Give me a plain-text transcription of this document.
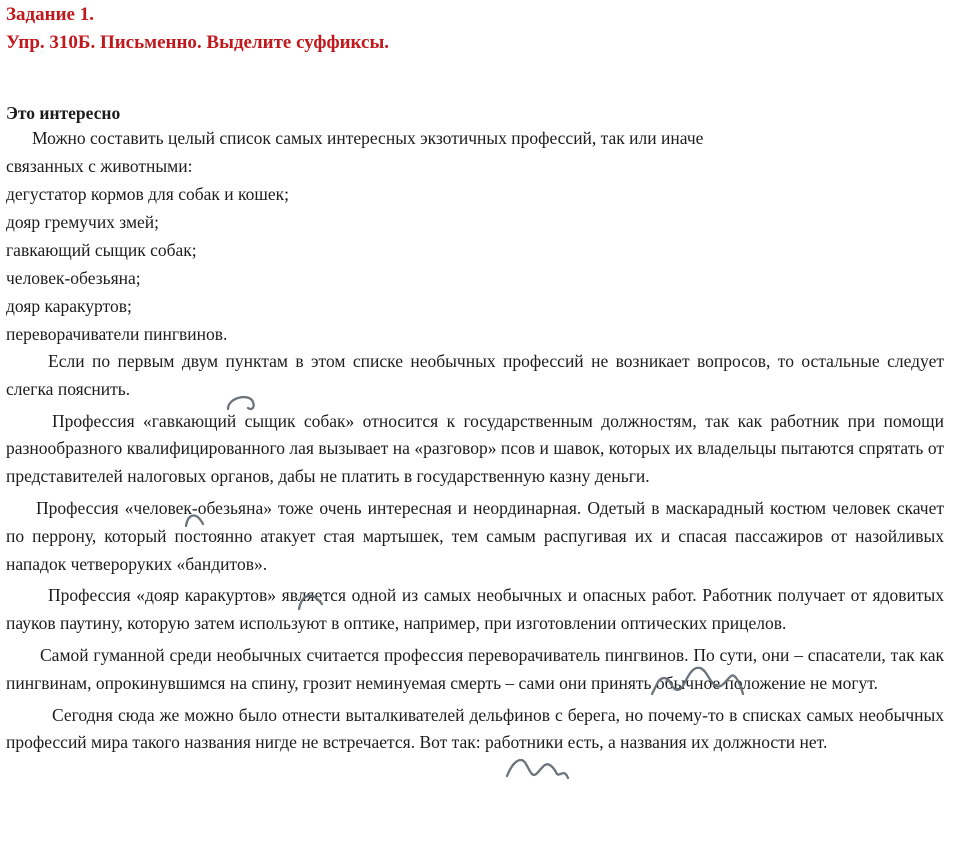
Задание 1.
Упр. 310Б. Письменно. Выделите суффиксы.
Это интересно
Можно составить целый список самых интересных экзотичных профессий, так или иначе
связанных с животными:
дегустатор кормов для собак и кошек;
дояр гремучих змей;
гавкающий сыщик собак;
человек-обезьяна;
дояр каракуртов;
переворачиватели пингвинов.
Если по первым двум пунктам в этом списке необычных профессий не возникает вопросов, то остальные следует слегка пояснить.
Профессия «гавкающий сыщик собак» относится к государственным должностям, так как работник при помощи разнообразного квалифицированного лая вызывает на «разговор» псов и шавок, которых их владельцы пытаются спрятать от представителей налоговых органов, дабы не платить в государственную казну деньги.
Профессия «человек-обезьяна» тоже очень интересная и неординарная. Одетый в маскарадный костюм человек скачет по перрону, который постоянно атакует стая мартышек, тем самым распугивая их и спасая пассажиров от назойливых нападок четвероруких «бандитов».
Профессия «дояр каракуртов» является одной из самых необычных и опасных работ. Работник получает от ядовитых пауков паутину, которую затем используют в оптике, например, при изготовлении оптических прицелов.
Самой гуманной среди необычных считается профессия переворачиватель пингвинов. По сути, они – спасатели, так как пингвинам, опрокинувшимся на спину, грозит неминуемая смерть – сами они принять обычное положение не могут.
Сегодня сюда же можно было отнести выталкивателей дельфинов с берега, но почему-то в списках самых необычных профессий мира такого названия нигде не встречается. Вот так: работники есть, а названия их должности нет.
